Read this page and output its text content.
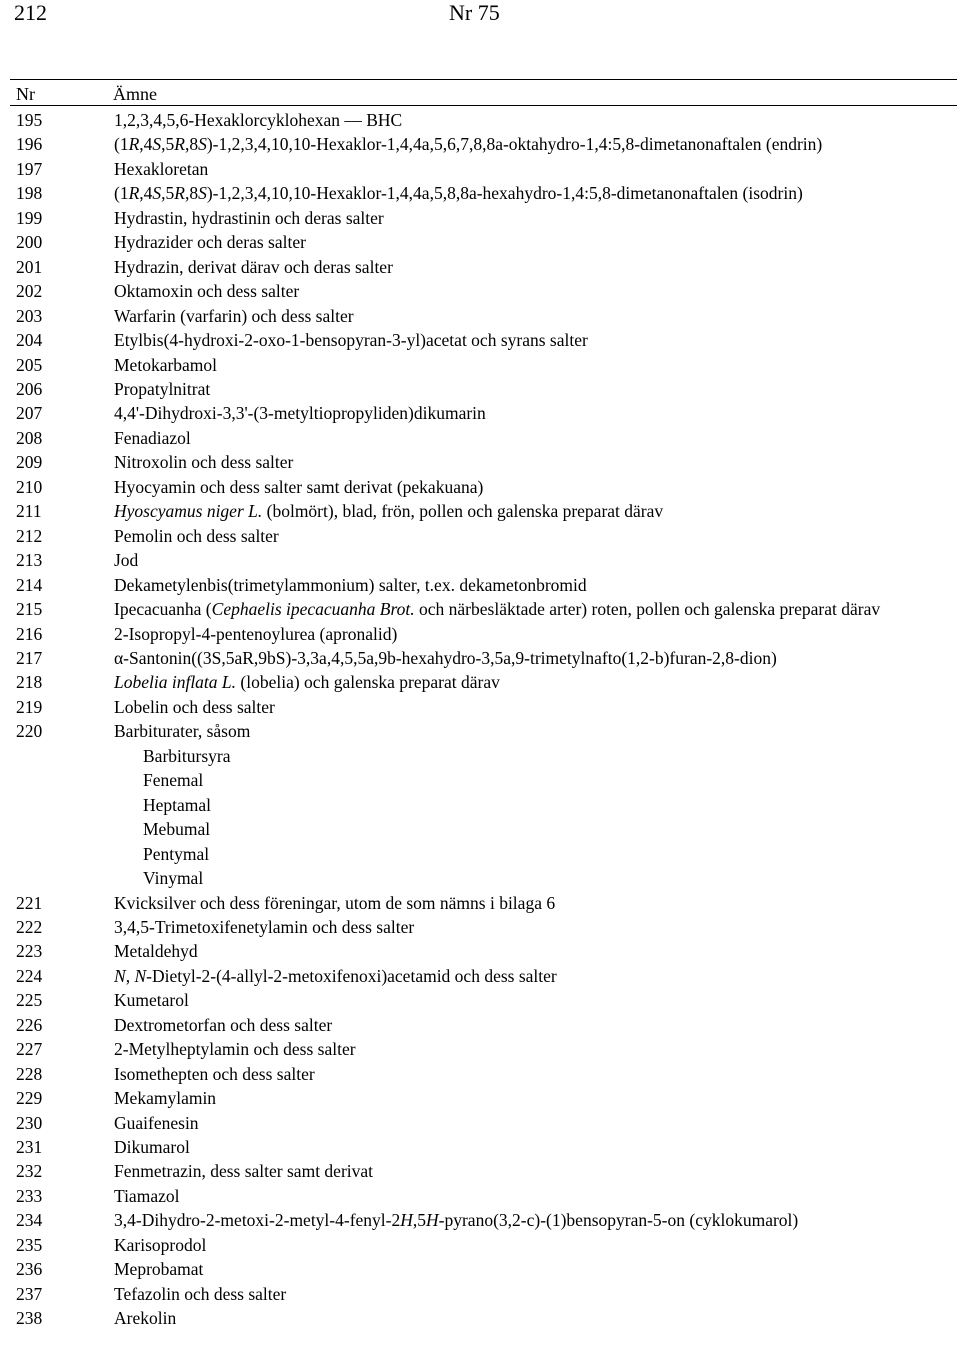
212	Nr 75
Nr	Ämne
195	1,2,3,4,5,6-Hexaklorcyklohexan — BHC
196	(1R,4S,5R,8S)-1,2,3,4,10,10-Hexaklor-1,4,4a,5,6,7,8,8a-oktahydro-1,4:5,8-dimetanonaftalen (endrin)
197	Hexakloretan
198	(1R,4S,5R,8S)-1,2,3,4,10,10-Hexaklor-1,4,4a,5,8,8a-hexahydro-1,4:5,8-dimetanonaftalen (isodrin)
199	Hydrastin, hydrastinin och deras salter
200	Hydrazider och deras salter
201	Hydrazin, derivat därav och deras salter
202	Oktamoxin och dess salter
203	Warfarin (varfarin) och dess salter
204	Etylbis(4-hydroxi-2-oxo-1-bensopyran-3-yl)acetat och syrans salter
205	Metokarbamol
206	Propatylnitrat
207	4,4'-Dihydroxi-3,3'-(3-metyltiopropyliden)dikumarin
208	Fenadiazol
209	Nitroxolin och dess salter
210	Hyocyamin och dess salter samt derivat (pekakuana)
211	Hyoscyamus niger L. (bolmört), blad, frön, pollen och galenska preparat därav
212	Pemolin och dess salter
213	Jod
214	Dekametylenbis(trimetylammonium) salter, t.ex. dekametonbromid
215	Ipecacuanha (Cephaelis ipecacuanha Brot. och närbesläktade arter) roten, pollen och galenska preparat därav
216	2-Isopropyl-4-pentenoylurea (apronalid)
217	α-Santonin((3S,5aR,9bS)-3,3a,4,5,5a,9b-hexahydro-3,5a,9-trimetylnafto(1,2-b)furan-2,8-dion)
218	Lobelia inflata L. (lobelia) och galenska preparat därav
219	Lobelin och dess salter
220	Barbiturater, såsom
Barbitursyra
Fenemal
Heptamal
Mebumal
Pentymal
Vinymal
221	Kvicksilver och dess föreningar, utom de som nämns i bilaga 6
222	3,4,5-Trimetoxifenetylamin och dess salter
223	Metaldehyd
224	N, N-Dietyl-2-(4-allyl-2-metoxifenoxi)acetamid och dess salter
225	Kumetarol
226	Dextrometorfan och dess salter
227	2-Metylheptylamin och dess salter
228	Isomethepten och dess salter
229	Mekamylamin
230	Guaifenesin
231	Dikumarol
232	Fenmetrazin, dess salter samt derivat
233	Tiamazol
234	3,4-Dihydro-2-metoxi-2-metyl-4-fenyl-2H,5H-pyrano(3,2-c)-(1)bensopyran-5-on (cyklokumarol)
235	Karisoprodol
236	Meprobamat
237	Tefazolin och dess salter
238	Arekolin
